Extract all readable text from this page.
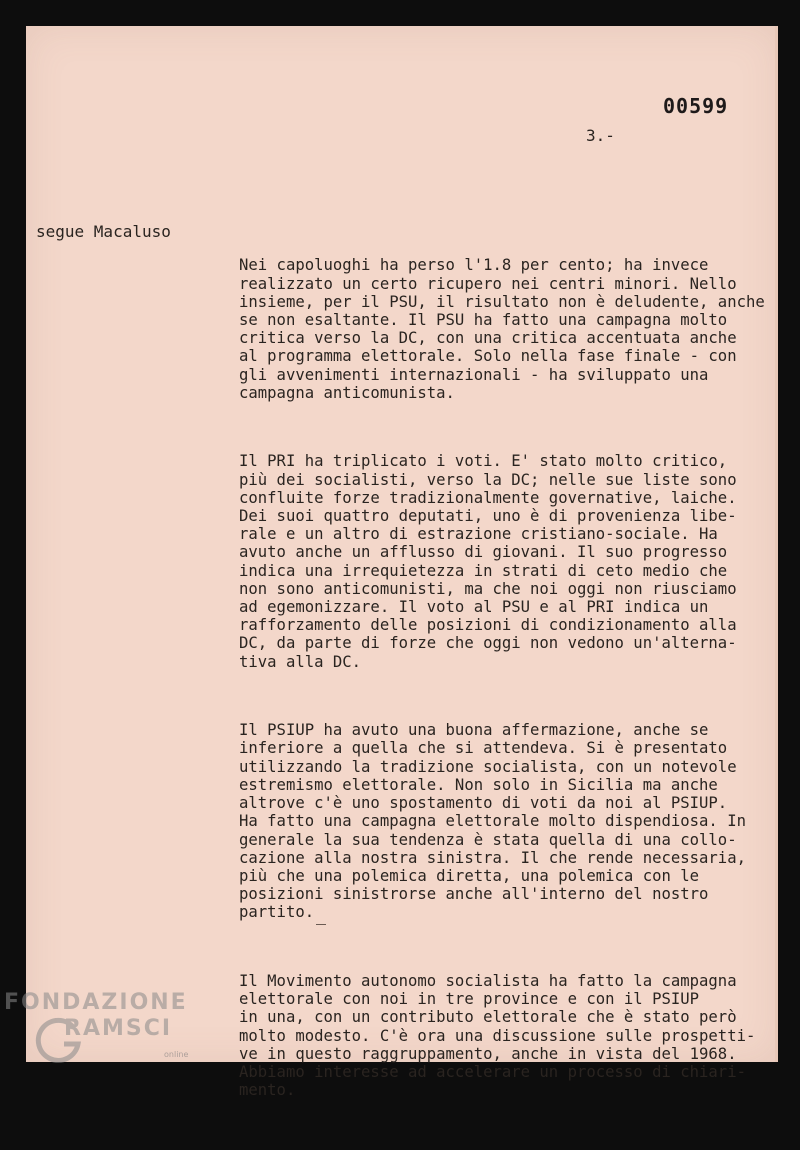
00599
3.-
segue Macaluso

Nei capoluoghi ha perso l'1.8 per cento; ha invece
realizzato un certo ricupero nei centri minori. Nello
insieme, per il PSU, il risultato non è deludente, anche
se non esaltante. Il PSU ha fatto una campagna molto
critica verso la DC, con una critica accentuata anche
al programma elettorale. Solo nella fase finale - con
gli avvenimenti internazionali - ha sviluppato una
campagna anticomunista.

Il PRI ha triplicato i voti. E' stato molto critico,
più dei socialisti, verso la DC; nelle sue liste sono
confluite forze tradizionalmente governative, laiche.
Dei suoi quattro deputati, uno è di provenienza libe-
rale e un altro di estrazione cristiano-sociale. Ha
avuto anche un afflusso di giovani. Il suo progresso
indica una irrequietezza in strati di ceto medio che
non sono anticomunisti, ma che noi oggi non riusciamo
ad egemonizzare. Il voto al PSU e al PRI indica un
rafforzamento delle posizioni di condizionamento alla
DC, da parte di forze che oggi non vedono un'alterna-
tiva alla DC.

Il PSIUP ha avuto una buona affermazione, anche se
inferiore a quella che si attendeva. Si è presentato
utilizzando la tradizione socialista, con un notevole
estremismo elettorale. Non solo in Sicilia ma anche
altrove c'è uno spostamento di voti da noi al PSIUP.
Ha fatto una campagna elettorale molto dispendiosa. In
generale la sua tendenza è stata quella di una collo-
cazione alla nostra sinistra. Il che rende necessaria,
più che una polemica diretta, una polemica con le
posizioni sinistrorse anche all'interno del nostro
partito.

Il Movimento autonomo socialista ha fatto la campagna
elettorale con noi in tre province e con il PSIUP
in una, con un contributo elettorale che è stato però
molto modesto. C'è ora una discussione sulle prospetti-
ve in questo raggruppamento, anche in vista del 1968.
Abbiamo interesse ad accelerare un processo di chiari-
mento.

FONDAZIONE
RAMSCI
online
